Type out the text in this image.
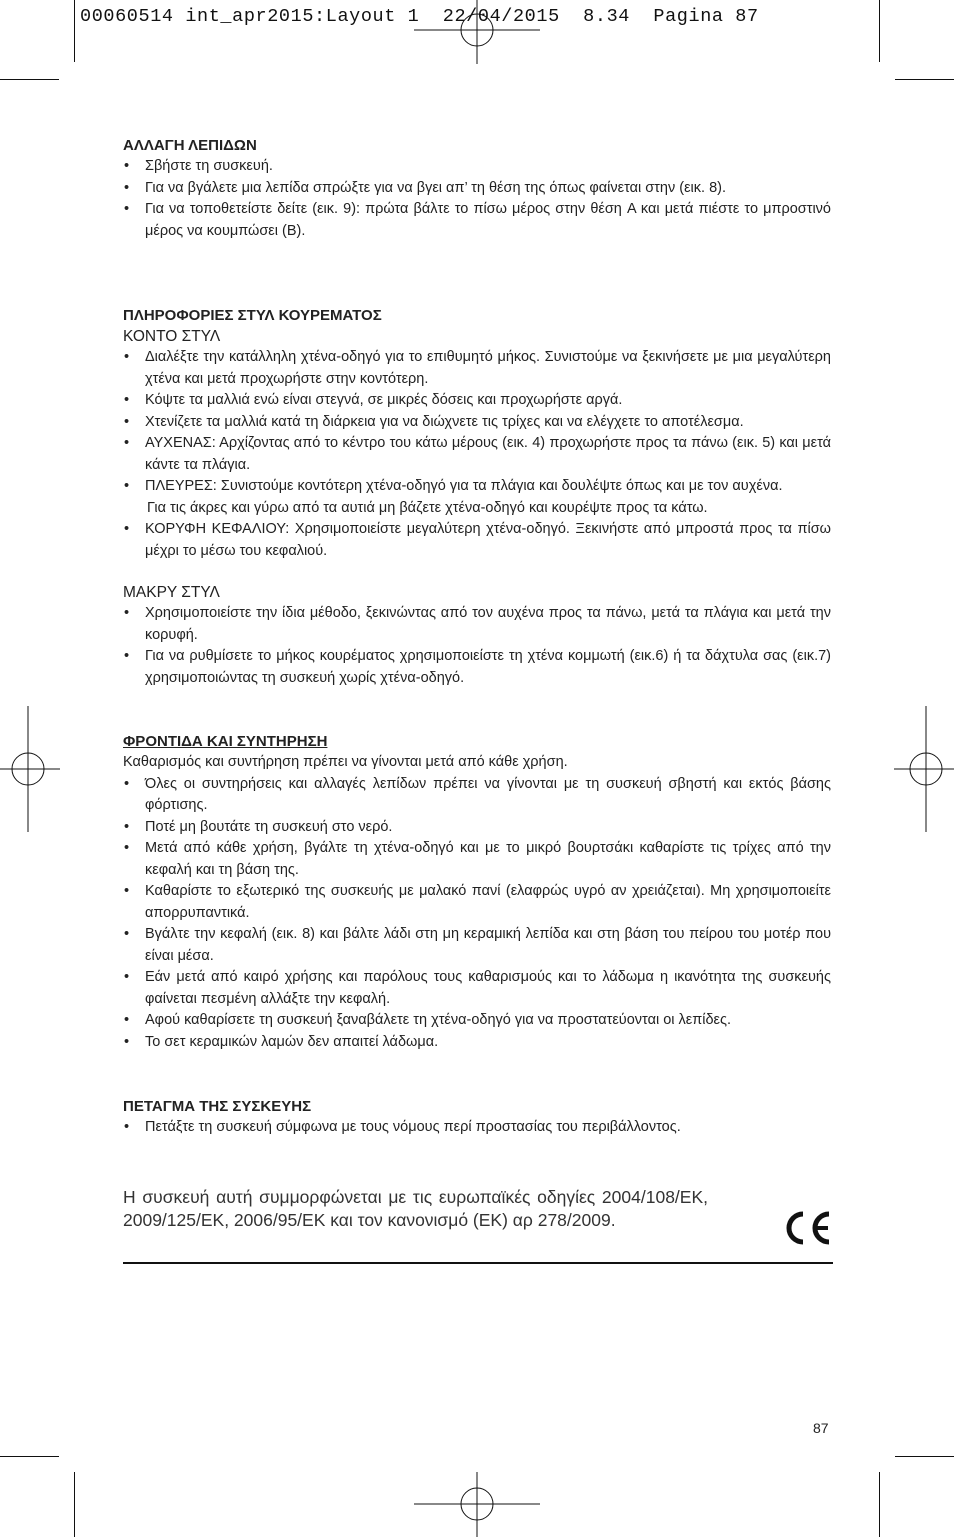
00060514 int_apr2015:Layout 1  22/04/2015  8.34  Pagina 87
ΑΛΛΑΓΗ ΛΕΠΙΔΩΝ
• Σβήστε τη συσκευή.
• Για να βγάλετε μια λεπίδα σπρώξτε για να βγει απ’ τη θέση της όπως φαίνεται στην (εικ. 8).
• Για να τοποθετείστε δείτε (εικ. 9): πρώτα βάλτε το πίσω μέρος στην θέση A και μετά πιέστε το μπροστινό μέρος να κουμπώσει (B).
ΠΛΗΡΟΦΟΡΙΕΣ ΣΤΥΛ ΚΟΥΡΕΜΑΤΟΣ

ΚΟΝΤΟ ΣΤΥΛ

• Διαλέξτε την κατάλληλη χτένα-οδηγό για το επιθυμητό μήκος. Συνιστούμε να ξεκινήσετε με μια μεγαλύτερη χτένα και μετά προχωρήστε στην κοντότερη.
• Κόψτε τα μαλλιά ενώ είναι στεγνά, σε μικρές δόσεις και προχωρήστε αργά.
• Χτενίζετε τα μαλλιά κατά τη διάρκεια για να διώχνετε τις τρίχες και να ελέγχετε το αποτέλεσμα.
• ΑΥΧΕΝΑΣ: Αρχίζοντας από το κέντρο του κάτω μέρους (εικ. 4) προχωρήστε προς τα πάνω (εικ. 5) και μετά κάντε τα πλάγια.
• ΠΛΕΥΡΕΣ: Συνιστούμε κοντότερη χτένα-οδηγό για τα πλάγια και δουλέψτε όπως και με τον αυχένα.

Για τις άκρες και γύρω από τα αυτιά μη βάζετε χτένα-οδηγό και κουρέψτε προς τα κάτω.

• ΚΟΡΥΦΗ ΚΕΦΑΛΙΟΥ: Χρησιμοποιείστε μεγαλύτερη χτένα-οδηγό. Ξεκινήστε από μπροστά προς τα πίσω μέχρι το μέσω του κεφαλιού.

ΜΑΚΡΥ ΣΤΥΛ

• Χρησιμοποιείστε την ίδια μέθοδο, ξεκινώντας από τον αυχένα προς τα πάνω, μετά τα πλάγια και μετά την κορυφή.
• Για να ρυθμίσετε το μήκος κουρέματος χρησιμοποιείστε τη χτένα κομμωτή (εικ.6) ή τα δάχτυλα σας (εικ.7) χρησιμοποιώντας τη συσκευή χωρίς χτένα-οδηγό.
ΦΡΟΝΤΙΔΑ ΚΑΙ ΣΥΝΤΗΡΗΣΗ

Καθαρισμός και συντήρηση πρέπει να γίνονται μετά από κάθε χρήση.

• Όλες οι συντηρήσεις και αλλαγές λεπίδων πρέπει να γίνονται με τη συσκευή σβηστή και εκτός βάσης φόρτισης.
• Ποτέ μη βουτάτε τη συσκευή στο νερό.
• Μετά από κάθε χρήση, βγάλτε τη χτένα-οδηγό και με το μικρό βουρτσάκι καθαρίστε τις τρίχες από την κεφαλή και τη βάση της.
• Καθαρίστε το εξωτερικό της συσκευής με μαλακό πανί (ελαφρώς υγρό αν χρειάζεται). Μη χρησιμοποιείτε απορρυπαντικά.
• Βγάλτε την κεφαλή (εικ. 8) και βάλτε λάδι στη μη κεραμική λεπίδα και στη βάση του πείρου του μοτέρ που είναι μέσα.
• Εάν μετά από καιρό χρήσης και παρόλους τους καθαρισμούς και το λάδωμα η ικανότητα της συσκευής φαίνεται πεσμένη αλλάξτε την κεφαλή.
• Αφού καθαρίσετε τη συσκευή ξαναβάλετε τη χτένα-οδηγό για να προστατεύονται οι λεπίδες.
• Το σετ κεραμικών λαμών δεν απαιτεί λάδωμα.
ΠΕΤΑΓΜΑ ΤΗΣ ΣΥΣΚΕΥΗΣ
• Πετάξτε τη συσκευή σύμφωνα με τους νόμους περί προστασίας του περιβάλλοντος.

Η συσκευή αυτή συμμορφώνεται με τις ευρωπαϊκές οδηγίες 2004/108/ΕΚ, 2009/125/ΕΚ, 2006/95/ΕΚ και τον κανονισμό (ΕΚ) αρ 278/2009.

87
